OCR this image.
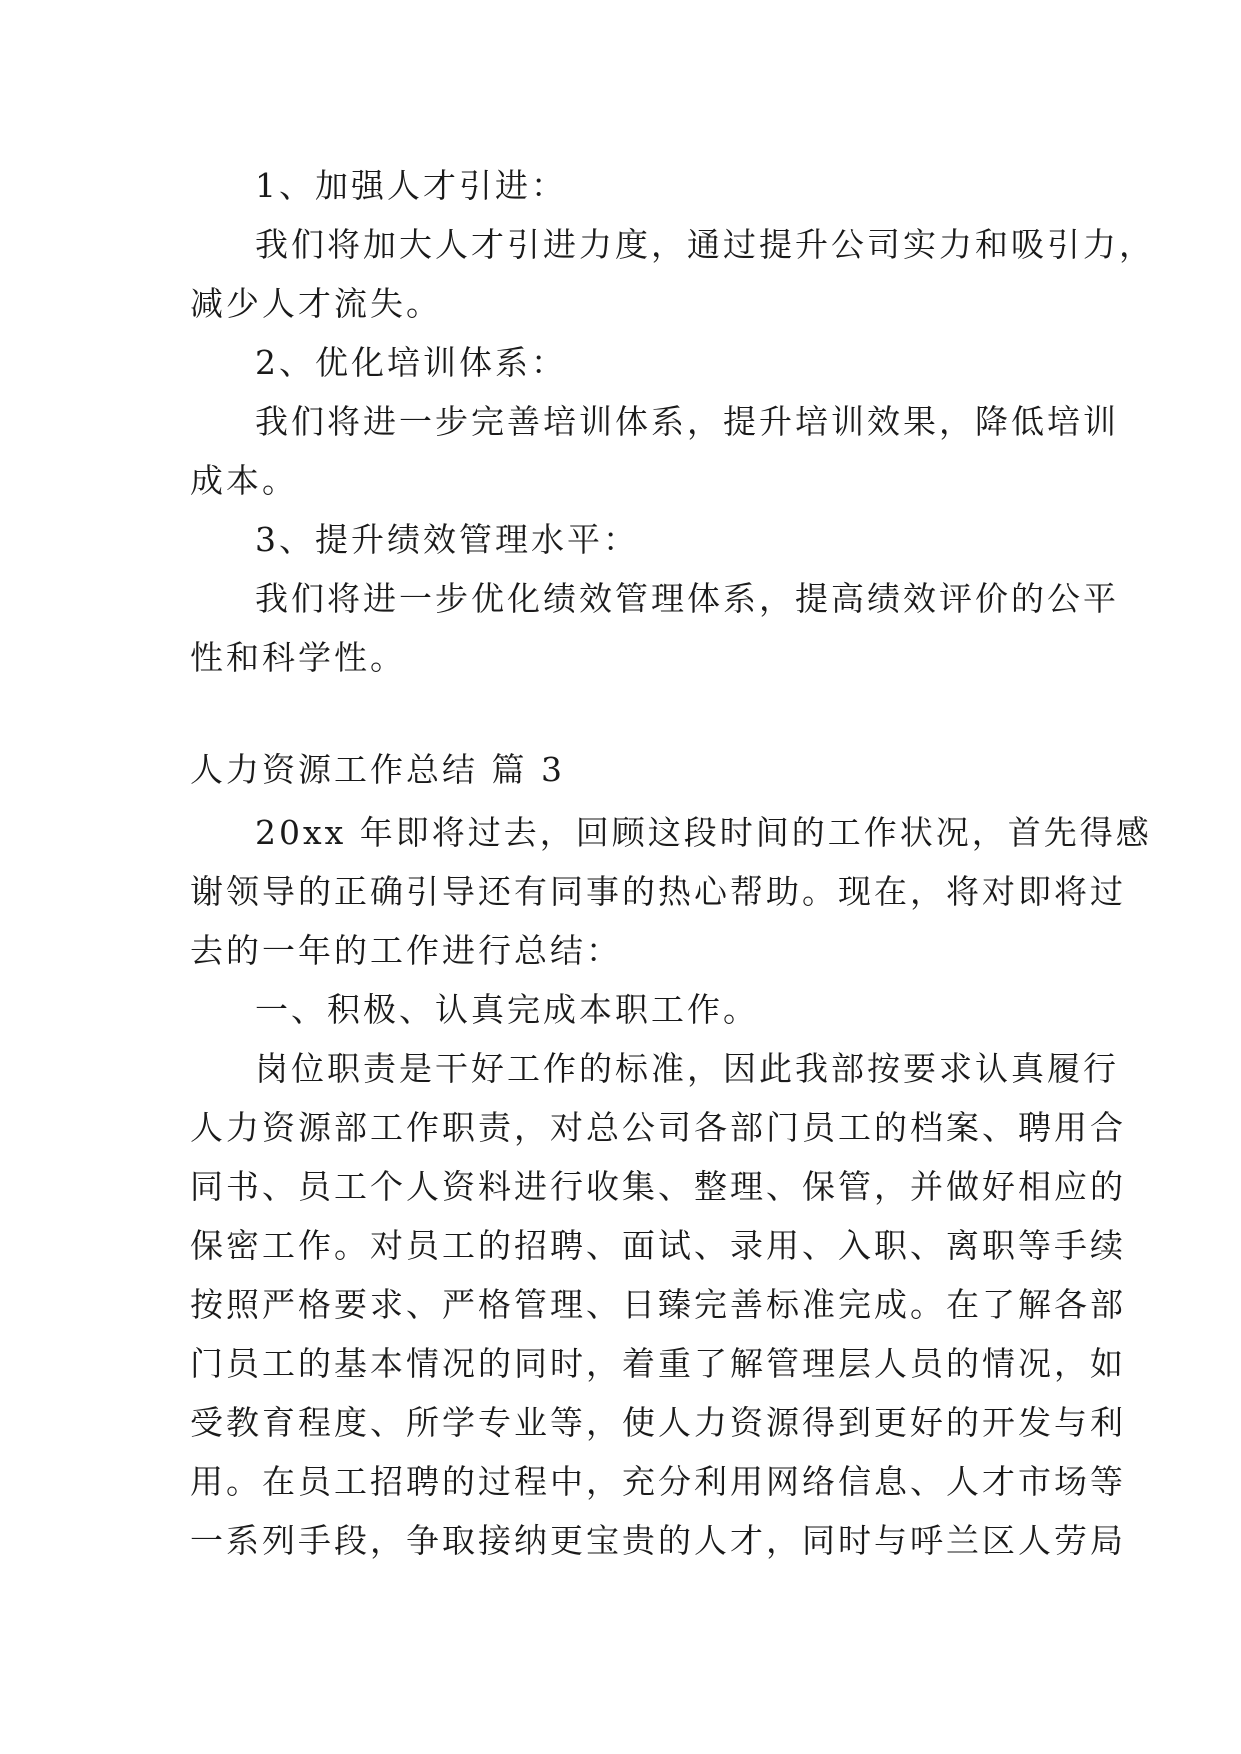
1、加强人才引进：
我们将加大人才引进力度，通过提升公司实力和吸引力，
减少人才流失。
2、优化培训体系：
我们将进一步完善培训体系，提升培训效果，降低培训
成本。
3、提升绩效管理水平：
我们将进一步优化绩效管理体系，提高绩效评价的公平
性和科学性。
人力资源工作总结 篇 3
20xx 年即将过去，回顾这段时间的工作状况，首先得感
谢领导的正确引导还有同事的热心帮助。现在，将对即将过
去的一年的工作进行总结：
一、积极、认真完成本职工作。
岗位职责是干好工作的标准，因此我部按要求认真履行
人力资源部工作职责，对总公司各部门员工的档案、聘用合
同书、员工个人资料进行收集、整理、保管，并做好相应的
保密工作。对员工的招聘、面试、录用、入职、离职等手续
按照严格要求、严格管理、日臻完善标准完成。在了解各部
门员工的基本情况的同时，着重了解管理层人员的情况，如
受教育程度、所学专业等，使人力资源得到更好的开发与利
用。在员工招聘的过程中，充分利用网络信息、人才市场等
一系列手段，争取接纳更宝贵的人才，同时与呼兰区人劳局
